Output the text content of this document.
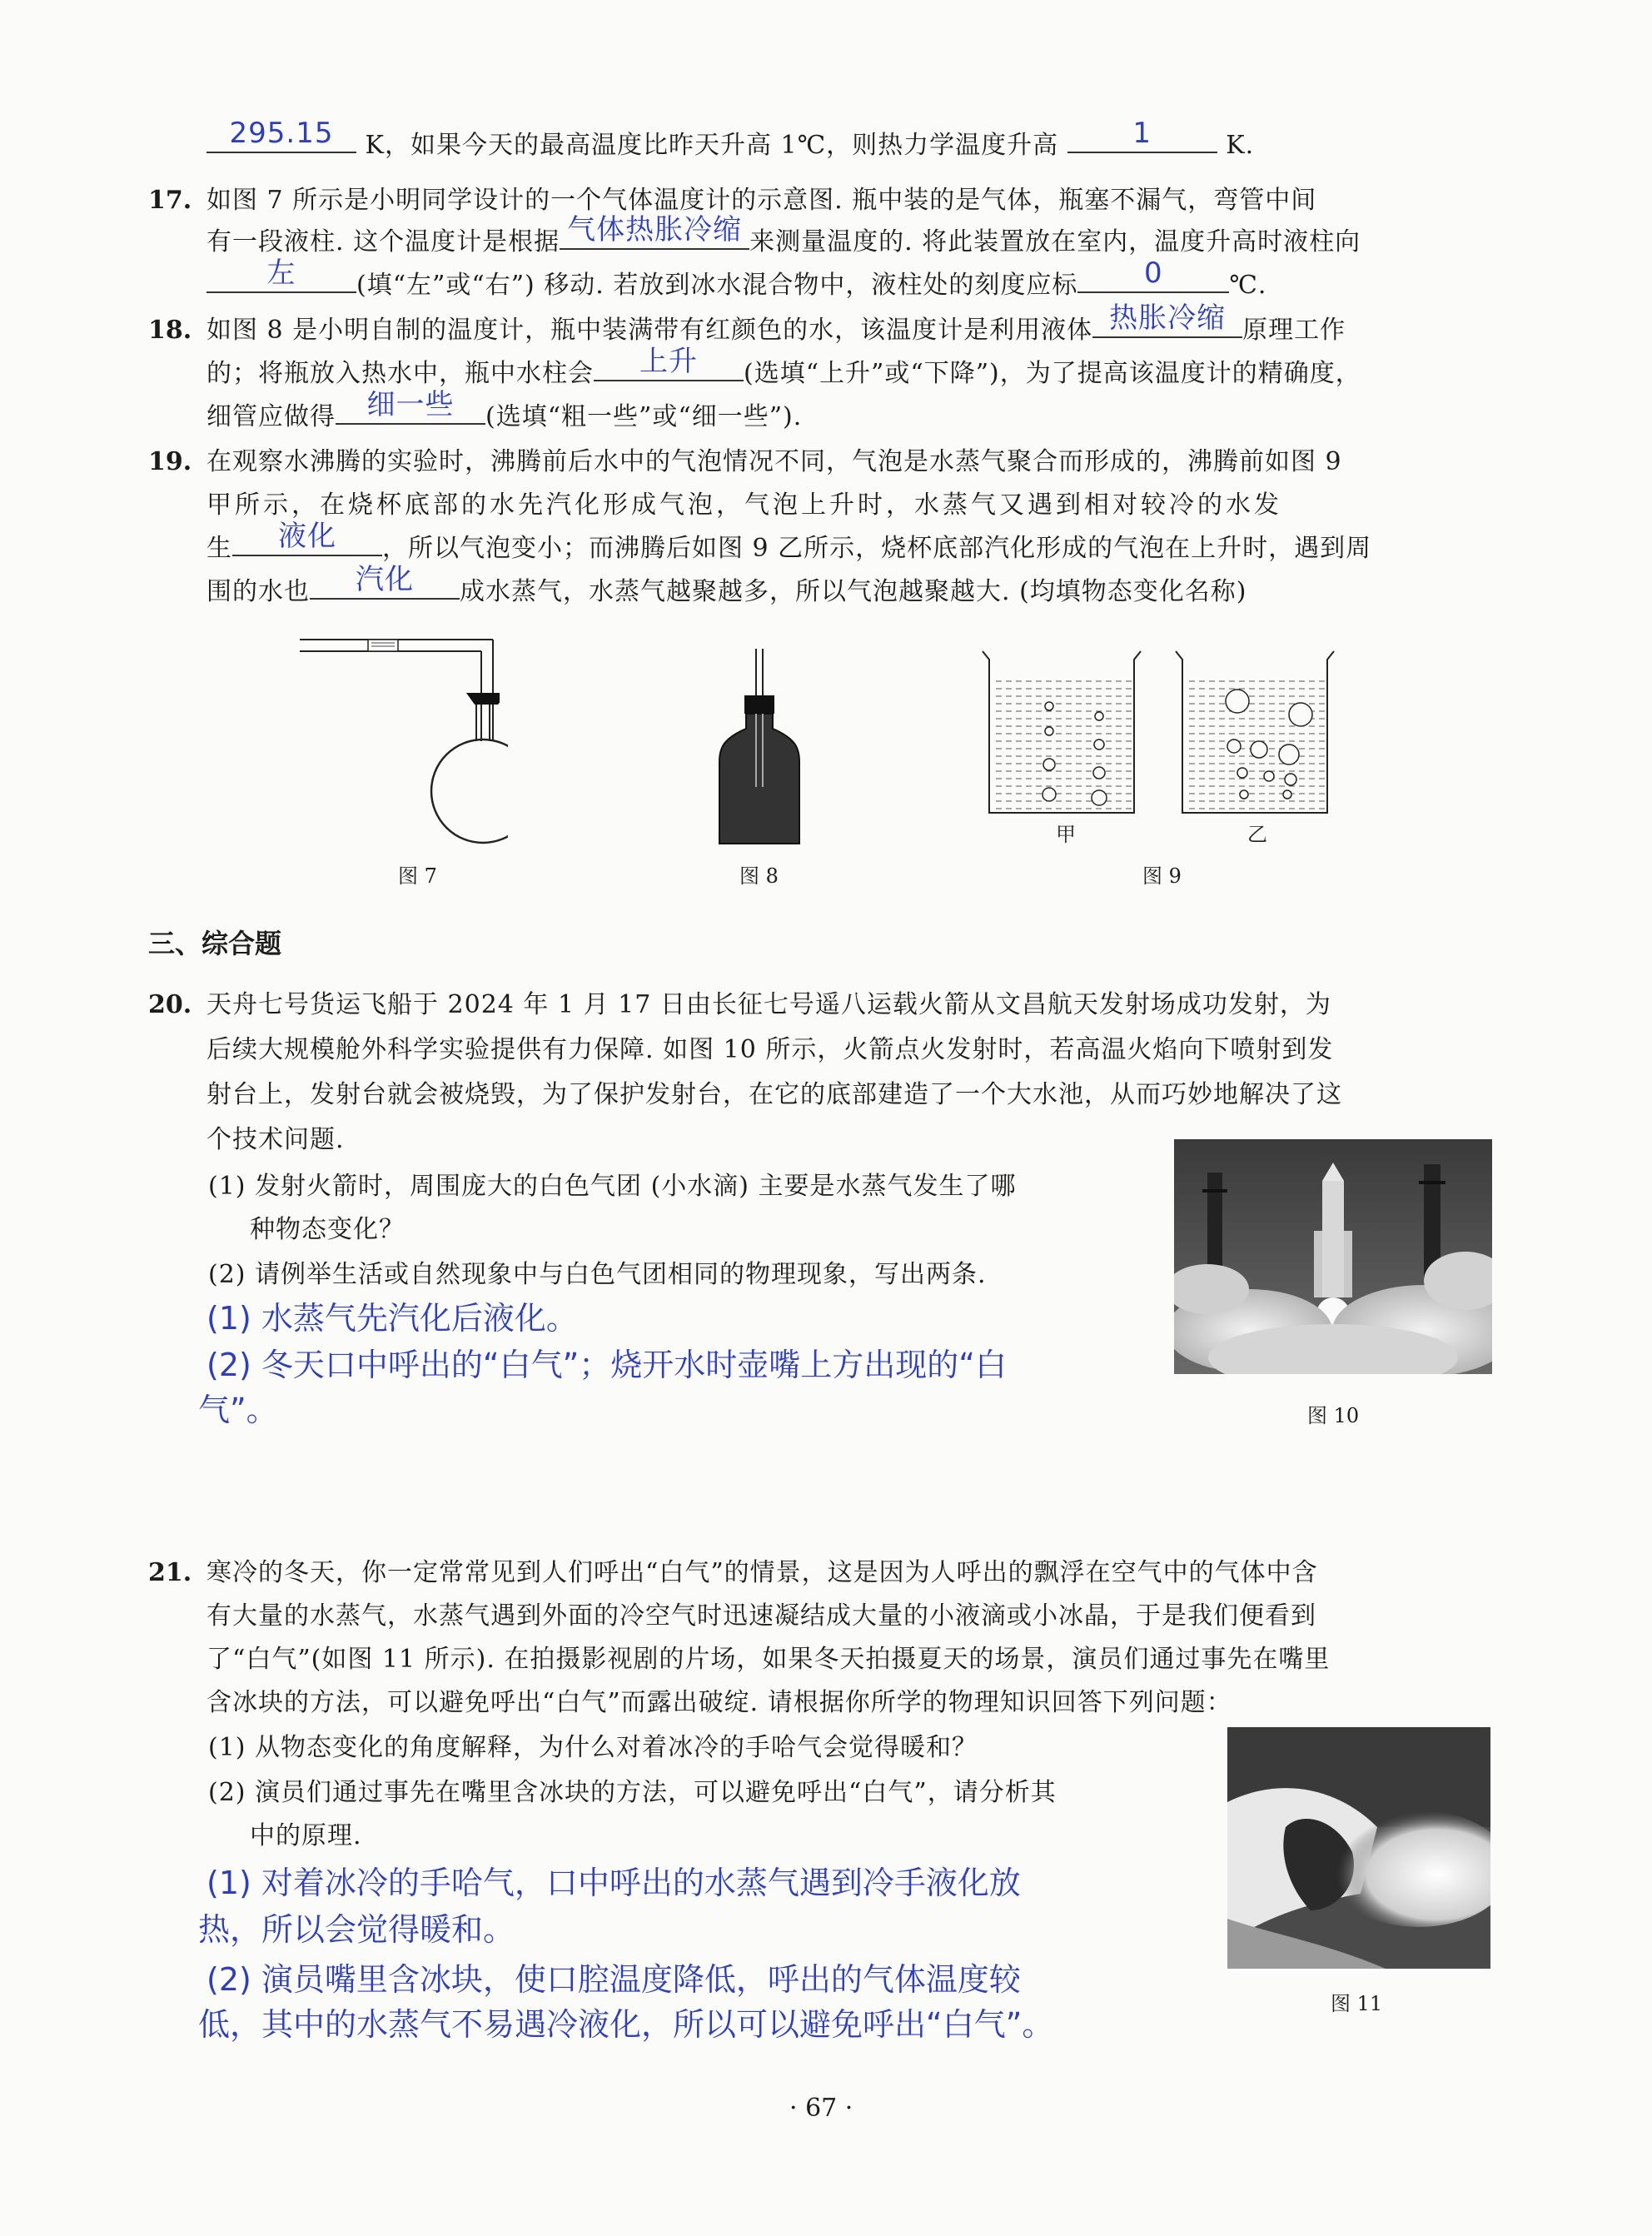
295.15	K，如果今天的最高温度比昨天升高 1℃，则热力学温度升高	1	K.
17. 如图 7 所示是小明同学设计的一个气体温度计的示意图. 瓶中装的是气体，瓶塞不漏气，弯管中间
有一段液柱. 这个温度计是根据 气体热胀冷缩 来测量温度的. 将此装置放在室内，温度升高时液柱向
左	(填“左”或“右”) 移动. 若放到冰水混合物中，液柱处的刻度应标	0	℃.
18. 如图 8 是小明自制的温度计，瓶中装满带有红颜色的水，该温度计是利用液体 热胀冷缩 原理工作
的；将瓶放入热水中，瓶中水柱会	上升	(选填“上升”或“下降”)，为了提高该温度计的精确度，
细管应做得	细一些	(选填“粗一些”或“细一些”).
19. 在观察水沸腾的实验时，沸腾前后水中的气泡情况不同，气泡是水蒸气聚合而形成的，沸腾前如图 9
甲所示，在烧杯底部的水先汽化形成气泡，气泡上升时，水蒸气又遇到相对较冷的水发
生	液化	，所以气泡变小；而沸腾后如图 9 乙所示，烧杯底部汽化形成的气泡在上升时，遇到周
围的水也	汽化	成水蒸气，水蒸气越聚越多，所以气泡越聚越大. (均填物态变化名称)
图 7	图 8
甲	乙
图 9
三、综合题
20. 天舟七号货运飞船于 2024 年 1 月 17 日由长征七号遥八运载火箭从文昌航天发射场成功发射，为
后续大规模舱外科学实验提供有力保障. 如图 10 所示，火箭点火发射时，若高温火焰向下喷射到发
射台上，发射台就会被烧毁，为了保护发射台，在它的底部建造了一个大水池，从而巧妙地解决了这
个技术问题.
(1) 发射火箭时，周围庞大的白色气团 (小水滴) 主要是水蒸气发生了哪
种物态变化？
(2) 请例举生活或自然现象中与白色气团相同的物理现象，写出两条.
(1) 水蒸气先汽化后液化。
(2) 冬天口中呼出的“白气”；烧开水时壶嘴上方出现的“白
气”。	图 10
21. 寒冷的冬天，你一定常常见到人们呼出“白气”的情景，这是因为人呼出的飘浮在空气中的气体中含
有大量的水蒸气，水蒸气遇到外面的冷空气时迅速凝结成大量的小液滴或小冰晶，于是我们便看到
了“白气”(如图 11 所示). 在拍摄影视剧的片场，如果冬天拍摄夏天的场景，演员们通过事先在嘴里
含冰块的方法，可以避免呼出“白气”而露出破绽. 请根据你所学的物理知识回答下列问题：
(1) 从物态变化的角度解释，为什么对着冰冷的手哈气会觉得暖和？
(2) 演员们通过事先在嘴里含冰块的方法，可以避免呼出“白气”，请分析其
中的原理.
(1) 对着冰冷的手哈气，口中呼出的水蒸气遇到冷手液化放
热，所以会觉得暖和。
(2) 演员嘴里含冰块，使口腔温度降低，呼出的气体温度较
低，其中的水蒸气不易遇冷液化，所以可以避免呼出“白气”。
图 11
· 67 ·
